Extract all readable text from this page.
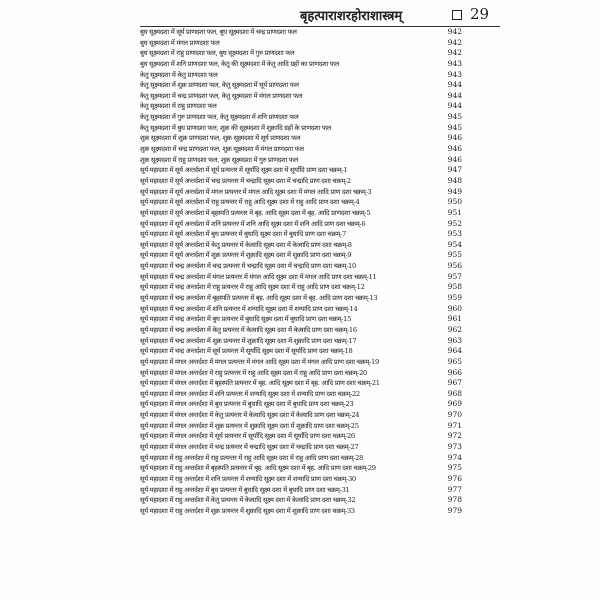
बृहत्पाराशरहोराशास्त्रम्	29
बुध सूक्ष्मदशा में सूर्य प्राणदशा फल, बुध सूक्ष्मदशा में चन्द्र प्राणदशा फल	942
बुध सूक्ष्मदशा में मंगल प्राणदशा फल	942
बुध सूक्ष्मदशा में राहु प्राणदशा फल, बुध सूक्ष्मदशा में गुरु प्राणदशा फल	942
बुध सूक्ष्मदशा में शनि प्राणदशा फल, केतु की सूक्ष्मदशा में केतु आदि ग्रहों का प्राणदशा फल	943
केतु सूक्ष्मदशा में केतु प्राणदशा फल	943
केतु सूक्ष्मदशा में शुक्र प्राणदशा फल, केतु सूक्ष्मदशा में सूर्य प्राणदशा फल	944
केतु सूक्ष्मदशा में चन्द्र प्राणदशा फल, केतु सूक्ष्मदशा में मंगल प्राणदशा फल	944
केतु सूक्ष्मदशा में राहु प्राणदशा फल	944
केतु सूक्ष्मदशा में गुरु प्राणदशा फल, केतु सूक्ष्मदशा में शनि प्राणदशा फल	945
केतु सूक्ष्मदशा में बुध प्राणदशा फल, शुक्र की सूक्ष्मदशा में शुक्रादि ग्रहों के प्राणदशा फल	945
शुक्र सूक्ष्मदशा में शुक्र प्राणदशा फल, शुक्र सूक्ष्मदशा में सूर्य प्राणदशा फल	946
शुक्र सूक्ष्मदशा में चन्द्र प्राणदशा फल, शुक्र सूक्ष्मदशा में मंगल प्राणदशा फल	946
शुक्र सूक्ष्मदशा में राहु प्राणदशा फल, शुक्र सूक्ष्मदशा में गुरु प्राणदशा फल	946
सूर्य महादशा में सूर्य अन्तर्दशा में सूर्य प्रत्यन्तर में सूर्यादि सूक्ष्म दशा में सूर्यादि प्राण दशा चक्रम्-1	947
सूर्य महादशा में सूर्य अन्तर्दशा में चन्द्र प्रत्यन्तर में चन्द्रादि सूक्ष्म दशा में चन्द्रादि प्राण दशा चक्रम्-2	948
सूर्य महादशा में सूर्य अन्तर्दशा में मंगल प्रत्यन्तर में मंगल आदि सूक्ष्म दशा में मंगल आदि प्राण दशा चक्रम्-3	949
सूर्य महादशा में सूर्य अन्तर्दशा में राहु प्रत्यन्तर में राहु आदि सूक्ष्म दशा में राहु आदि प्राण दशा चक्रम्-4	950
सूर्य महादशा में सूर्य अन्तर्दशा में बृहस्पति प्रत्यन्तर में बृह. आदि सूक्ष्म दशा में बृह. आदि प्राणदशा चक्रम्-5	951
सूर्य महादशा में सूर्य अन्तर्दशा में शनि प्रत्यन्तर में शनि आदि सूक्ष्म दशा में शनि आदि प्राण दशा चक्रम्-6	952
सूर्य महादशा में सूर्य अन्तर्दशा में बुध प्रत्यन्तर में बुधादि सूक्ष्म दशा में बुधादि प्राण दशा चक्रम्-7	953
सूर्य महादशा में सूर्य अन्तर्दशा में केतु प्रत्यन्तर में केत्वादि सूक्ष्म दशा में केत्वादि प्राण दशा चक्रम्-8	954
सूर्य महादशा में सूर्य अन्तर्दशा में शुक्र प्रत्यन्तर में शुक्रादि सूक्ष्म दशा में शुक्रादि प्राण दशा चक्रम्-9	955
सूर्य महादशा में चन्द्र अन्तर्दशा में चन्द्र प्रत्यन्तर में चन्द्रादि सूक्ष्म दशा में चन्द्रादि प्राण दशा चक्रम्-10	956
सूर्य महादशा में चन्द्र अन्तर्दशा में मंगल प्रत्यन्तर में मंगल आदि सूक्ष्म दशा में मंगल आदि प्राण दशा चक्रम्-11	957
सूर्य महादशा में चन्द्र अन्तर्दशा में राहु प्रत्यन्तर में राहु आदि सूक्ष्म दशा में राहु आदि प्राण दशा चक्रम्-12	958
सूर्य महादशा में चन्द्र अन्तर्दशा में बृहस्पति प्रत्यन्तर में बृह. आदि सूक्ष्म दशा में बृह. आदि प्राण दशा चक्रम्-13	959
सूर्य महादशा में चन्द्र अन्तर्दशा में शनि प्रत्यन्तर में शन्यादि सूक्ष्म दशा में शन्यादि प्राण दशा चक्रम्-14	960
सूर्य महादशा में चन्द्र अन्तर्दशा में बुध प्रत्यन्तर में बुधादि सूक्ष्म दशा में बुधादि प्राण दशा चक्रम्-15	961
सूर्य महादशा में चन्द्र अन्तर्दशा में केतु प्रत्यन्तर में केत्वादि सूक्ष्म दशा में केत्वादि प्राण दशा चक्रम्-16	962
सूर्य महादशा में चन्द्र अन्तर्दशा में शुक्र प्रत्यन्तर में शुक्रादि सूक्ष्म दशा में शुक्रादि प्राण दशा चक्रम्-17	963
सूर्य महादशा में चन्द्र अन्तर्दशा में सूर्य प्रत्यन्तर में सूर्यादि सूक्ष्म दशा में सूर्यादि प्राण दशा चक्रम्-18	964
सूर्य महादशा में मंगल अन्तर्दशा में मंगल प्रत्यन्तर में मंगल आदि सूक्ष्म दशा में मंगल आदि प्राण दशा चक्रम्-19	965
सूर्य महादशा में मंगल अन्तर्दशा में राहु प्रत्यन्तर में राहु आदि सूक्ष्म दशा में राहु आदि प्राण दशा चक्रम्-20	966
सूर्य महादशा में मंगल अन्तर्दशा में बृहस्पति प्रत्यन्तर में बृह. आदि सूक्ष्म दशा में बृह. आदि प्राण दशा चक्रम्-21	967
सूर्य महादशा में मंगल अन्तर्दशा में शनि प्रत्यन्तर में शन्यादि सूक्ष्म दशा में शन्यादि प्राण दशा चक्रम्-22	968
सूर्य महादशा में मंगल अन्तर्दशा में बुध प्रत्यन्तर में बुधादि सूक्ष्म दशा में बुधादि प्राण दशा चक्रम्-23	969
सूर्य महादशा में मंगल अन्तर्दशा में केतु प्रत्यन्तर में केत्वादि सूक्ष्म दशा में केत्वादि प्राण दशा चक्रम्-24	970
सूर्य महादशा में मंगल अन्तर्दशा में शुक्र प्रत्यन्तर में शुक्रादि सूक्ष्म दशा में शुक्रादि प्राण दशा चक्रम्-25	971
सूर्य महादशा में मंगल अन्तर्दशा में सूर्य प्रत्यन्तर में सूर्यादि सूक्ष्म दशा में सूर्यादि प्राण दशा चक्रम्-26	972
सूर्य महादशा में मंगल अन्तर्दशा में चन्द्र प्रत्यन्तर में चन्द्रादि सूक्ष्म दशा में चन्द्रादि प्राण दशा चक्रम्-27	973
सूर्य महादशा में राहु अन्तर्दशा में राहु प्रत्यन्तर में राहु आदि सूक्ष्म दशा में राहु आदि प्राण दशा चक्रम्-28	974
सूर्य महादशा में राहु अन्तर्दशा में बृहस्पति प्रत्यन्तर में बृह. आदि सूक्ष्म दशा में बृह. आदि प्राण दशा चक्रम्-29	975
सूर्य महादशा में राहु अन्तर्दशा में शनि प्रत्यन्तर में शन्यादि सूक्ष्म दशा में शन्यादि प्राण दशा चक्रम्-30	976
सूर्य महादशा में राहु अन्तर्दशा में बुध प्रत्यन्तर में बुधादि सूक्ष्म दशा में बुधादि प्राण दशा चक्रम्-31	977
सूर्य महादशा में राहु अन्तर्दशा में केतु प्रत्यन्तर में केत्वादि सूक्ष्म दशा में केत्वादि प्राण दशा चक्रम्-32	978
सूर्य महादशा में राहु अन्तर्दशा में शुक्र प्रत्यन्तर में शुक्रादि सूक्ष्म दशा में शुक्रादि प्राण दशा चक्रम्-33	979
